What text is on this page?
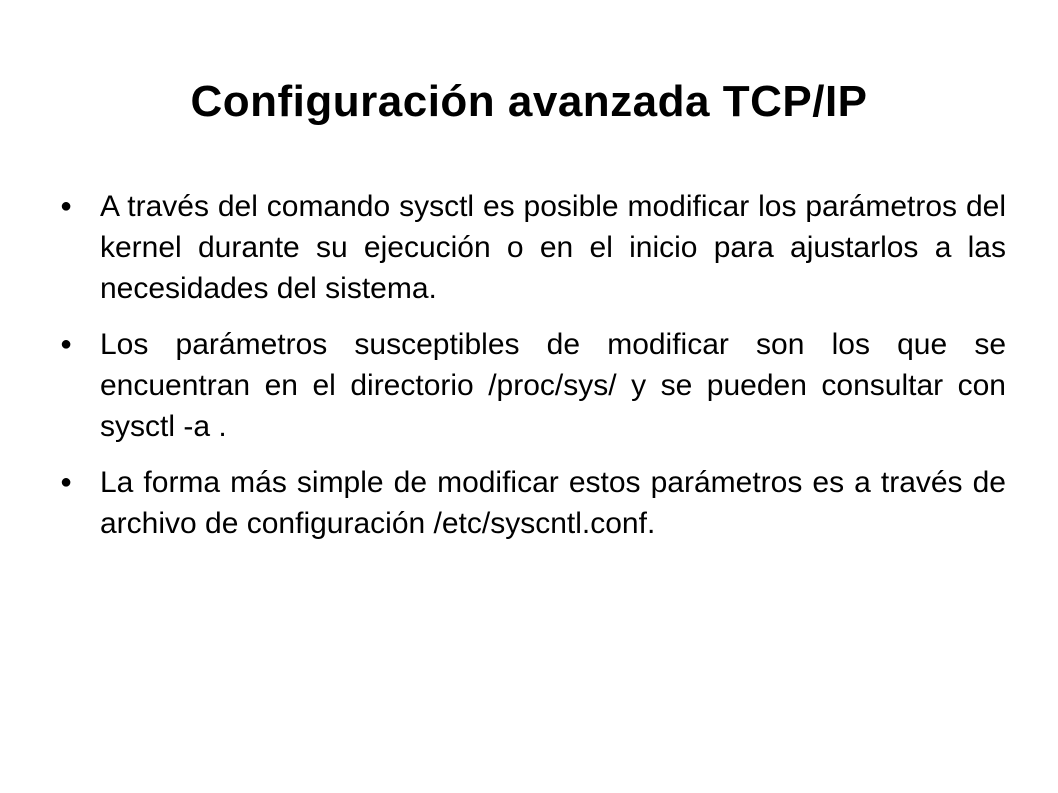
Configuración avanzada TCP/IP
● A través del comando sysctl es posible modificar los parámetros del kernel durante su ejecución o en el inicio para ajustarlos a las necesidades del sistema.
● Los parámetros susceptibles de modificar son los que se encuentran en el directorio /proc/sys/ y se pueden consultar con sysctl -a .
● La forma más simple de modificar estos parámetros es a través de archivo de configuración /etc/syscntl.conf.
